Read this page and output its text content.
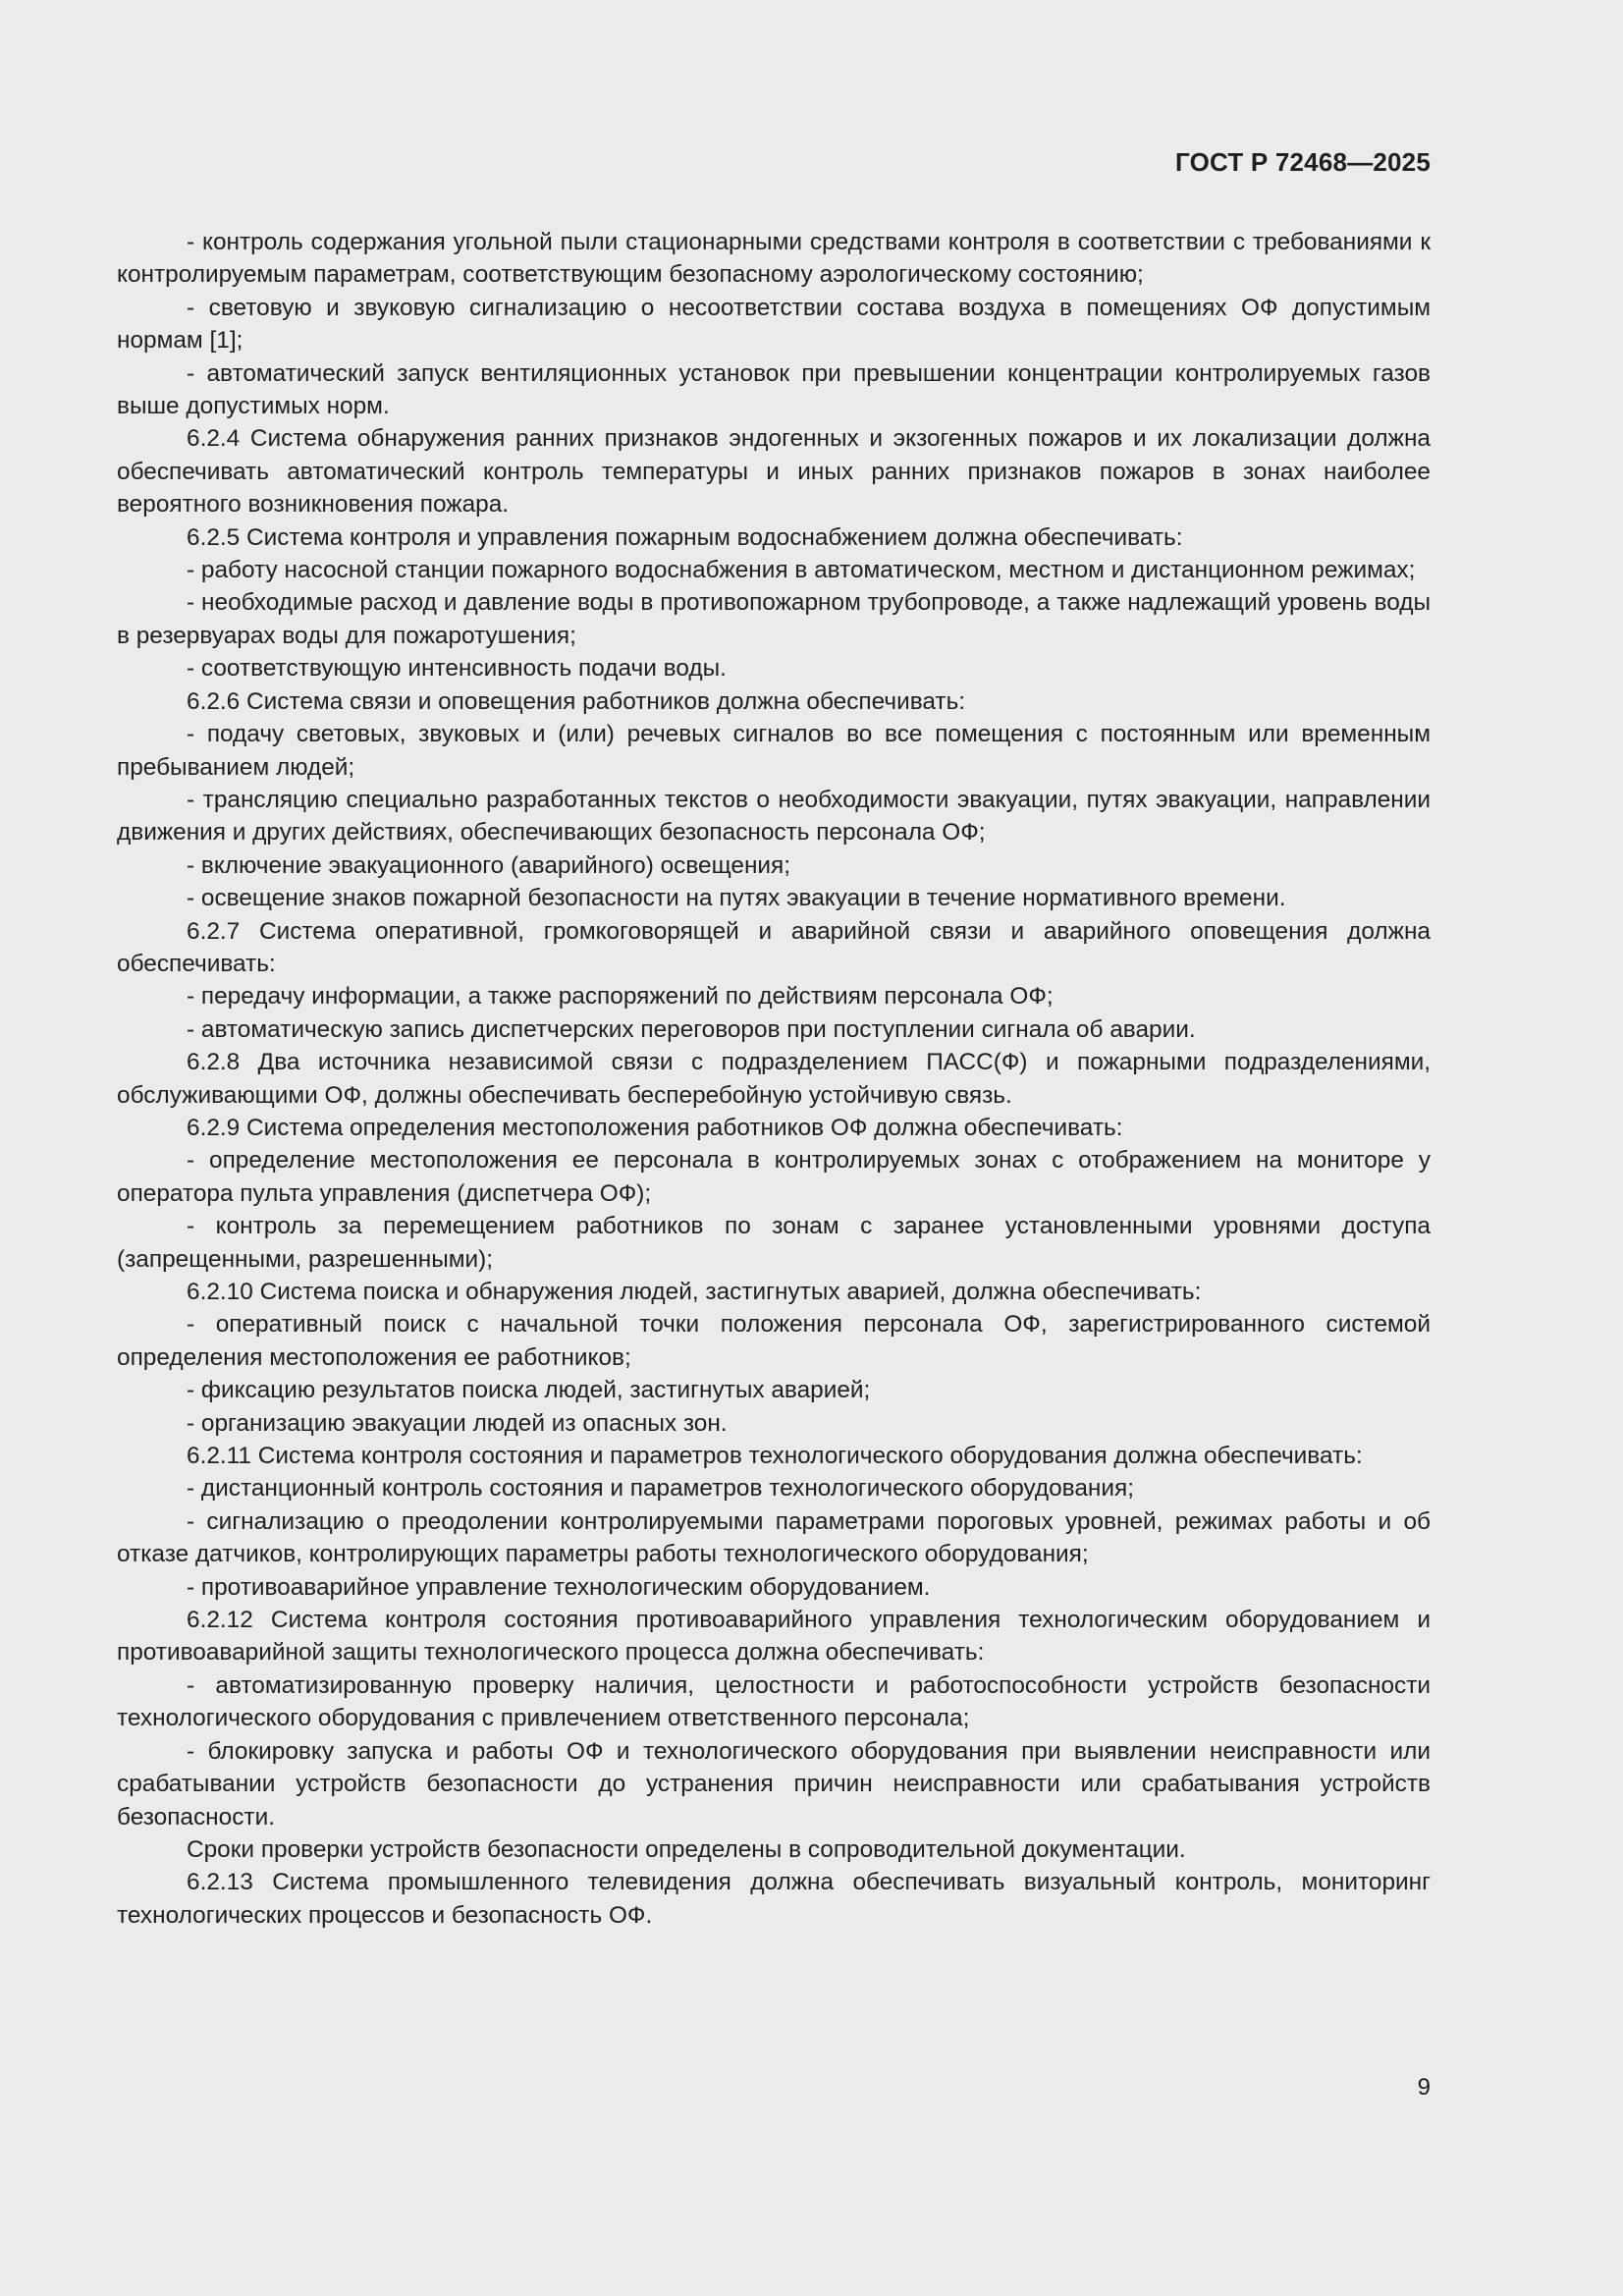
ГОСТ Р 72468—2025

- контроль содержания угольной пыли стационарными средствами контроля в соответствии с требованиями к контролируемым параметрам, соответствующим безопасному аэрологическому состоянию;

- световую и звуковую сигнализацию о несоответствии состава воздуха в помещениях ОФ допустимым нормам [1];

- автоматический запуск вентиляционных установок при превышении концентрации контролируемых газов выше допустимых норм.

6.2.4 Система обнаружения ранних признаков эндогенных и экзогенных пожаров и их локализации должна обеспечивать автоматический контроль температуры и иных ранних признаков пожаров в зонах наиболее вероятного возникновения пожара.

6.2.5 Система контроля и управления пожарным водоснабжением должна обеспечивать:

- работу насосной станции пожарного водоснабжения в автоматическом, местном и дистанционном режимах;

- необходимые расход и давление воды в противопожарном трубопроводе, а также надлежащий уровень воды в резервуарах воды для пожаротушения;

- соответствующую интенсивность подачи воды.

6.2.6 Система связи и оповещения работников должна обеспечивать:

- подачу световых, звуковых и (или) речевых сигналов во все помещения с постоянным или временным пребыванием людей;

- трансляцию специально разработанных текстов о необходимости эвакуации, путях эвакуации, направлении движения и других действиях, обеспечивающих безопасность персонала ОФ;

- включение эвакуационного (аварийного) освещения;

- освещение знаков пожарной безопасности на путях эвакуации в течение нормативного времени.

6.2.7 Система оперативной, громкоговорящей и аварийной связи и аварийного оповещения должна обеспечивать:

- передачу информации, а также распоряжений по действиям персонала ОФ;

- автоматическую запись диспетчерских переговоров при поступлении сигнала об аварии.

6.2.8 Два источника независимой связи с подразделением ПАСС(Ф) и пожарными подразделениями, обслуживающими ОФ, должны обеспечивать бесперебойную устойчивую связь.

6.2.9 Система определения местоположения работников ОФ должна обеспечивать:

- определение местоположения ее персонала в контролируемых зонах с отображением на мониторе у оператора пульта управления (диспетчера ОФ);

- контроль за перемещением работников по зонам с заранее установленными уровнями доступа (запрещенными, разрешенными);

6.2.10 Система поиска и обнаружения людей, застигнутых аварией, должна обеспечивать:

- оперативный поиск с начальной точки положения персонала ОФ, зарегистрированного системой определения местоположения ее работников;

- фиксацию результатов поиска людей, застигнутых аварией;

- организацию эвакуации людей из опасных зон.

6.2.11 Система контроля состояния и параметров технологического оборудования должна обеспечивать:

- дистанционный контроль состояния и параметров технологического оборудования;

- сигнализацию о преодолении контролируемыми параметрами пороговых уровней, режимах работы и об отказе датчиков, контролирующих параметры работы технологического оборудования;

- противоаварийное управление технологическим оборудованием.

6.2.12 Система контроля состояния противоаварийного управления технологическим оборудованием и противоаварийной защиты технологического процесса должна обеспечивать:

- автоматизированную проверку наличия, целостности и работоспособности устройств безопасности технологического оборудования с привлечением ответственного персонала;

- блокировку запуска и работы ОФ и технологического оборудования при выявлении неисправности или срабатывании устройств безопасности до устранения причин неисправности или срабатывания устройств безопасности.

Сроки проверки устройств безопасности определены в сопроводительной документации.

6.2.13 Система промышленного телевидения должна обеспечивать визуальный контроль, мониторинг технологических процессов и безопасность ОФ.

9
